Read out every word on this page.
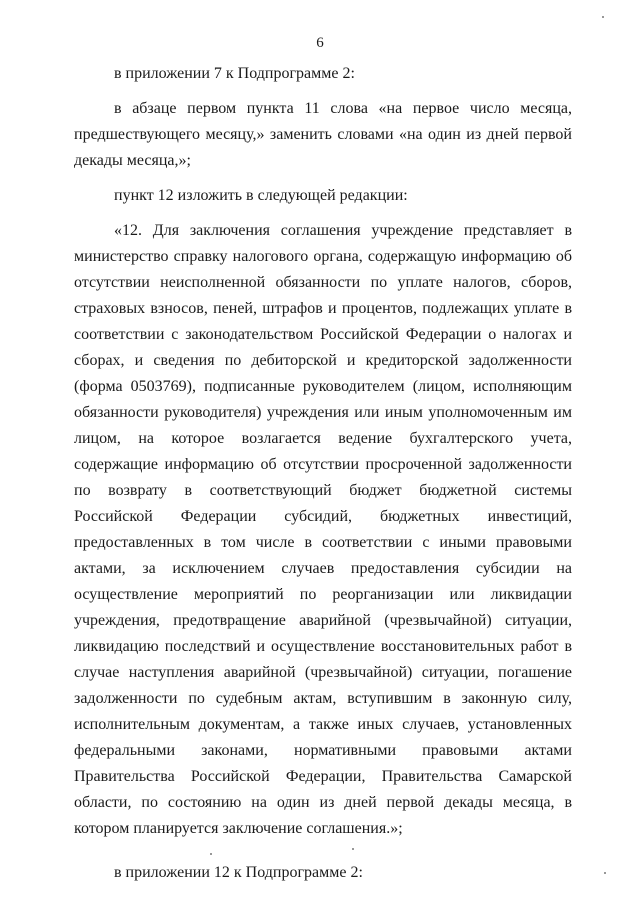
6

в приложении 7 к Подпрограмме 2:

в абзаце первом пункта 11 слова «на первое число месяца, предшествующего месяцу,» заменить словами «на один из дней первой декады месяца,»;

пункт 12 изложить в следующей редакции:

«12. Для заключения соглашения учреждение представляет в министерство справку налогового органа, содержащую информацию об отсутствии неисполненной обязанности по уплате налогов, сборов, страховых взносов, пеней, штрафов и процентов, подлежащих уплате в соответствии с законодательством Российской Федерации о налогах и сборах, и сведения по дебиторской и кредиторской задолженности (форма 0503769), подписанные руководителем (лицом, исполняющим обязанности руководителя) учреждения или иным уполномоченным им лицом, на которое возлагается ведение бухгалтерского учета, содержащие информацию об отсутствии просроченной задолженности по возврату в соответствующий бюджет бюджетной системы Российской Федерации субсидий, бюджетных инвестиций, предоставленных в том числе в соответствии с иными правовыми актами, за исключением случаев предоставления субсидии на осуществление мероприятий по реорганизации или ликвидации учреждения, предотвращение аварийной (чрезвычайной) ситуации, ликвидацию последствий и осуществление восстановительных работ в случае наступления аварийной (чрезвычайной) ситуации, погашение задолженности по судебным актам, вступившим в законную силу, исполнительным документам, а также иных случаев, установленных федеральными законами, нормативными правовыми актами Правительства Российской Федерации, Правительства Самарской области, по состоянию на один из дней первой декады месяца, в котором планируется заключение соглашения.»;

в приложении 12 к Подпрограмме 2:
